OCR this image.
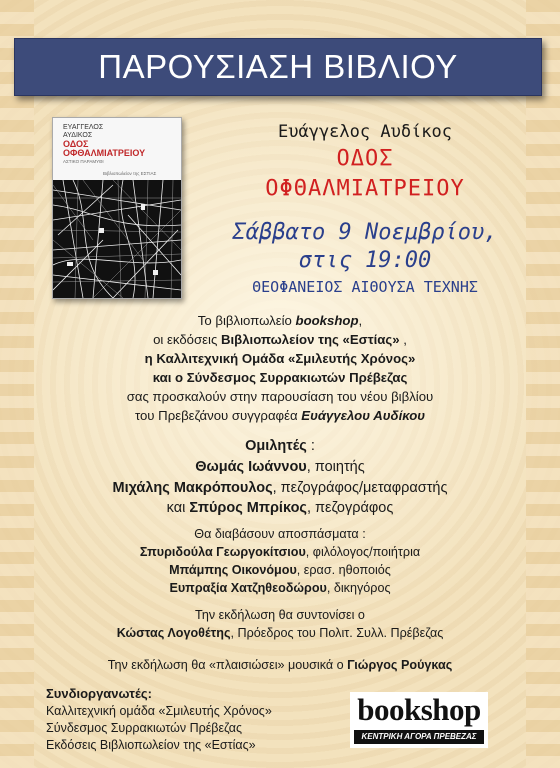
ΠΑΡΟΥΣΙΑΣΗ ΒΙΒΛΙΟΥ
ΕΥΑΓΓΕΛΟΣ
ΑΥΔΙΚΟΣ
ΟΔΟΣ
ΟΦΘΑΛΜΙΑΤΡΕΙΟΥ
ΑΣΤΙΚΟ ΠΑΡΑΜΥΘΙ
Βιβλιοπωλείον της ΕΣΤΙΑΣ
Ευάγγελος Αυδίκος
ΟΔΟΣ
ΟΦΘΑΛΜΙΑΤΡΕΙΟΥ
Σάββατο 9 Νοεμβρίου,
στις 19:00
ΘΕΟΦΑΝΕΙΟΣ ΑΙΘΟΥΣΑ ΤΕΧΝΗΣ
Το βιβλιοπωλείο bookshop,
οι εκδόσεις Βιβλιοπωλείον της «Εστίας» ,
η Καλλιτεχνική Ομάδα «Σμιλευτής Χρόνος»
και ο Σύνδεσμος Συρρακιωτών Πρέβεζας
σας προσκαλούν στην παρουσίαση του νέου βιβλίου
του Πρεβεζάνου συγγραφέα Ευάγγελου Αυδίκου
Ομιλητές :
Θωμάς Ιωάννου, ποιητής
Μιχάλης Μακρόπουλος, πεζογράφος/μεταφραστής
και Σπύρος Μπρίκος, πεζογράφος
Θα διαβάσουν αποσπάσματα :
Σπυριδούλα Γεωργοκίτσιου, φιλόλογος/ποιήτρια
Μπάμπης Οικονόμου, ερασ. ηθοποιός
Ευπραξία Χατζηθεοδώρου, δικηγόρος
Την εκδήλωση θα συντονίσει ο
Κώστας Λογοθέτης, Πρόεδρος του Πολιτ. Συλλ. Πρέβεζας
Την εκδήλωση θα «πλαισιώσει» μουσικά ο Γιώργος Ρούγκας
Συνδιοργανωτές:
Καλλιτεχνική ομάδα «Σμιλευτής Χρόνος»
Σύνδεσμος Συρρακιωτών Πρέβεζας
Εκδόσεις Βιβλιοπωλείον της «Εστίας»
bookshop
ΚΕΝΤΡΙΚΗ ΑΓΟΡΑ ΠΡΕΒΕΖΑΣ
